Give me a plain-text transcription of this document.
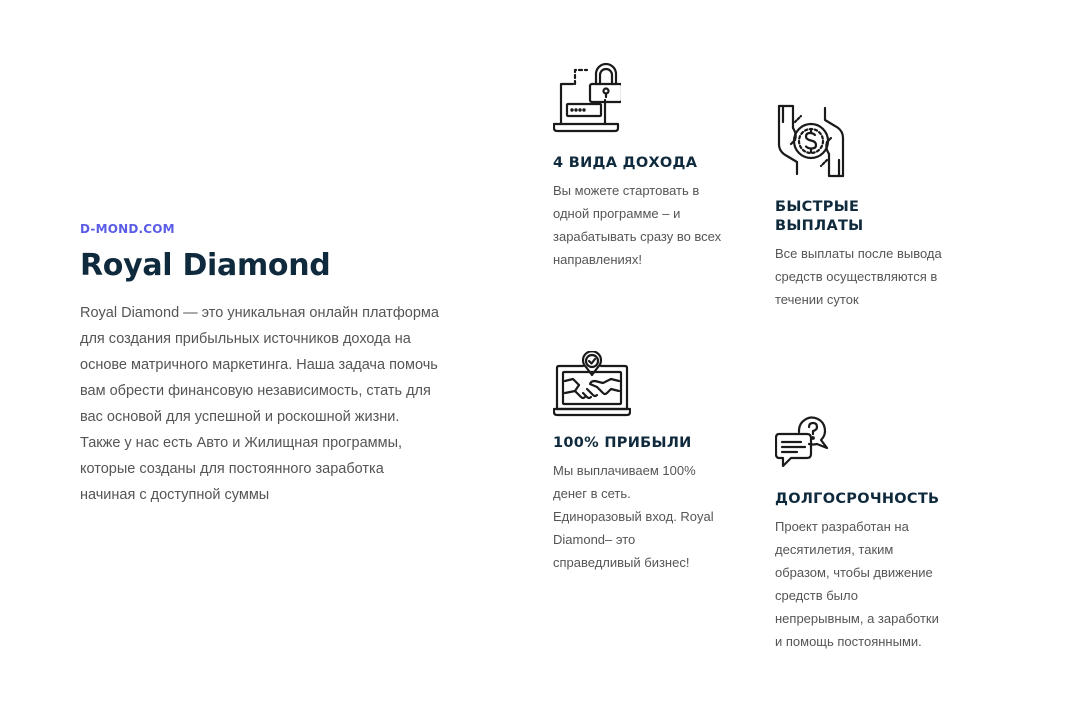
D-MOND.COM
Royal Diamond

Royal Diamond — это уникальная онлайн платформа для создания прибыльных источников дохода на основе матричного маркетинга. Наша задача помочь вам обрести финансовую независимость, стать для вас основой для успешной и роскошной жизни. Также у нас есть Авто и Жилищная программы, которые созданы для постоянного заработка начиная с доступной суммы

4 ВИДА ДОХОДА
Вы можете стартовать в одной программе – и зарабатывать сразу во всех направлениях!
БЫСТРЫЕ ВЫПЛАТЫ
Все выплаты после вывода средств осуществляются в течении суток
100% ПРИБЫЛИ
Мы выплачиваем 100% денег в сеть. Единоразовый вход. Royal Diamond– это справедливый бизнес!
ДОЛГОСРОЧНОСТЬ
Проект разработан на десятилетия, таким образом, чтобы движение средств было непрерывным, а заработки и помощь постоянными.
